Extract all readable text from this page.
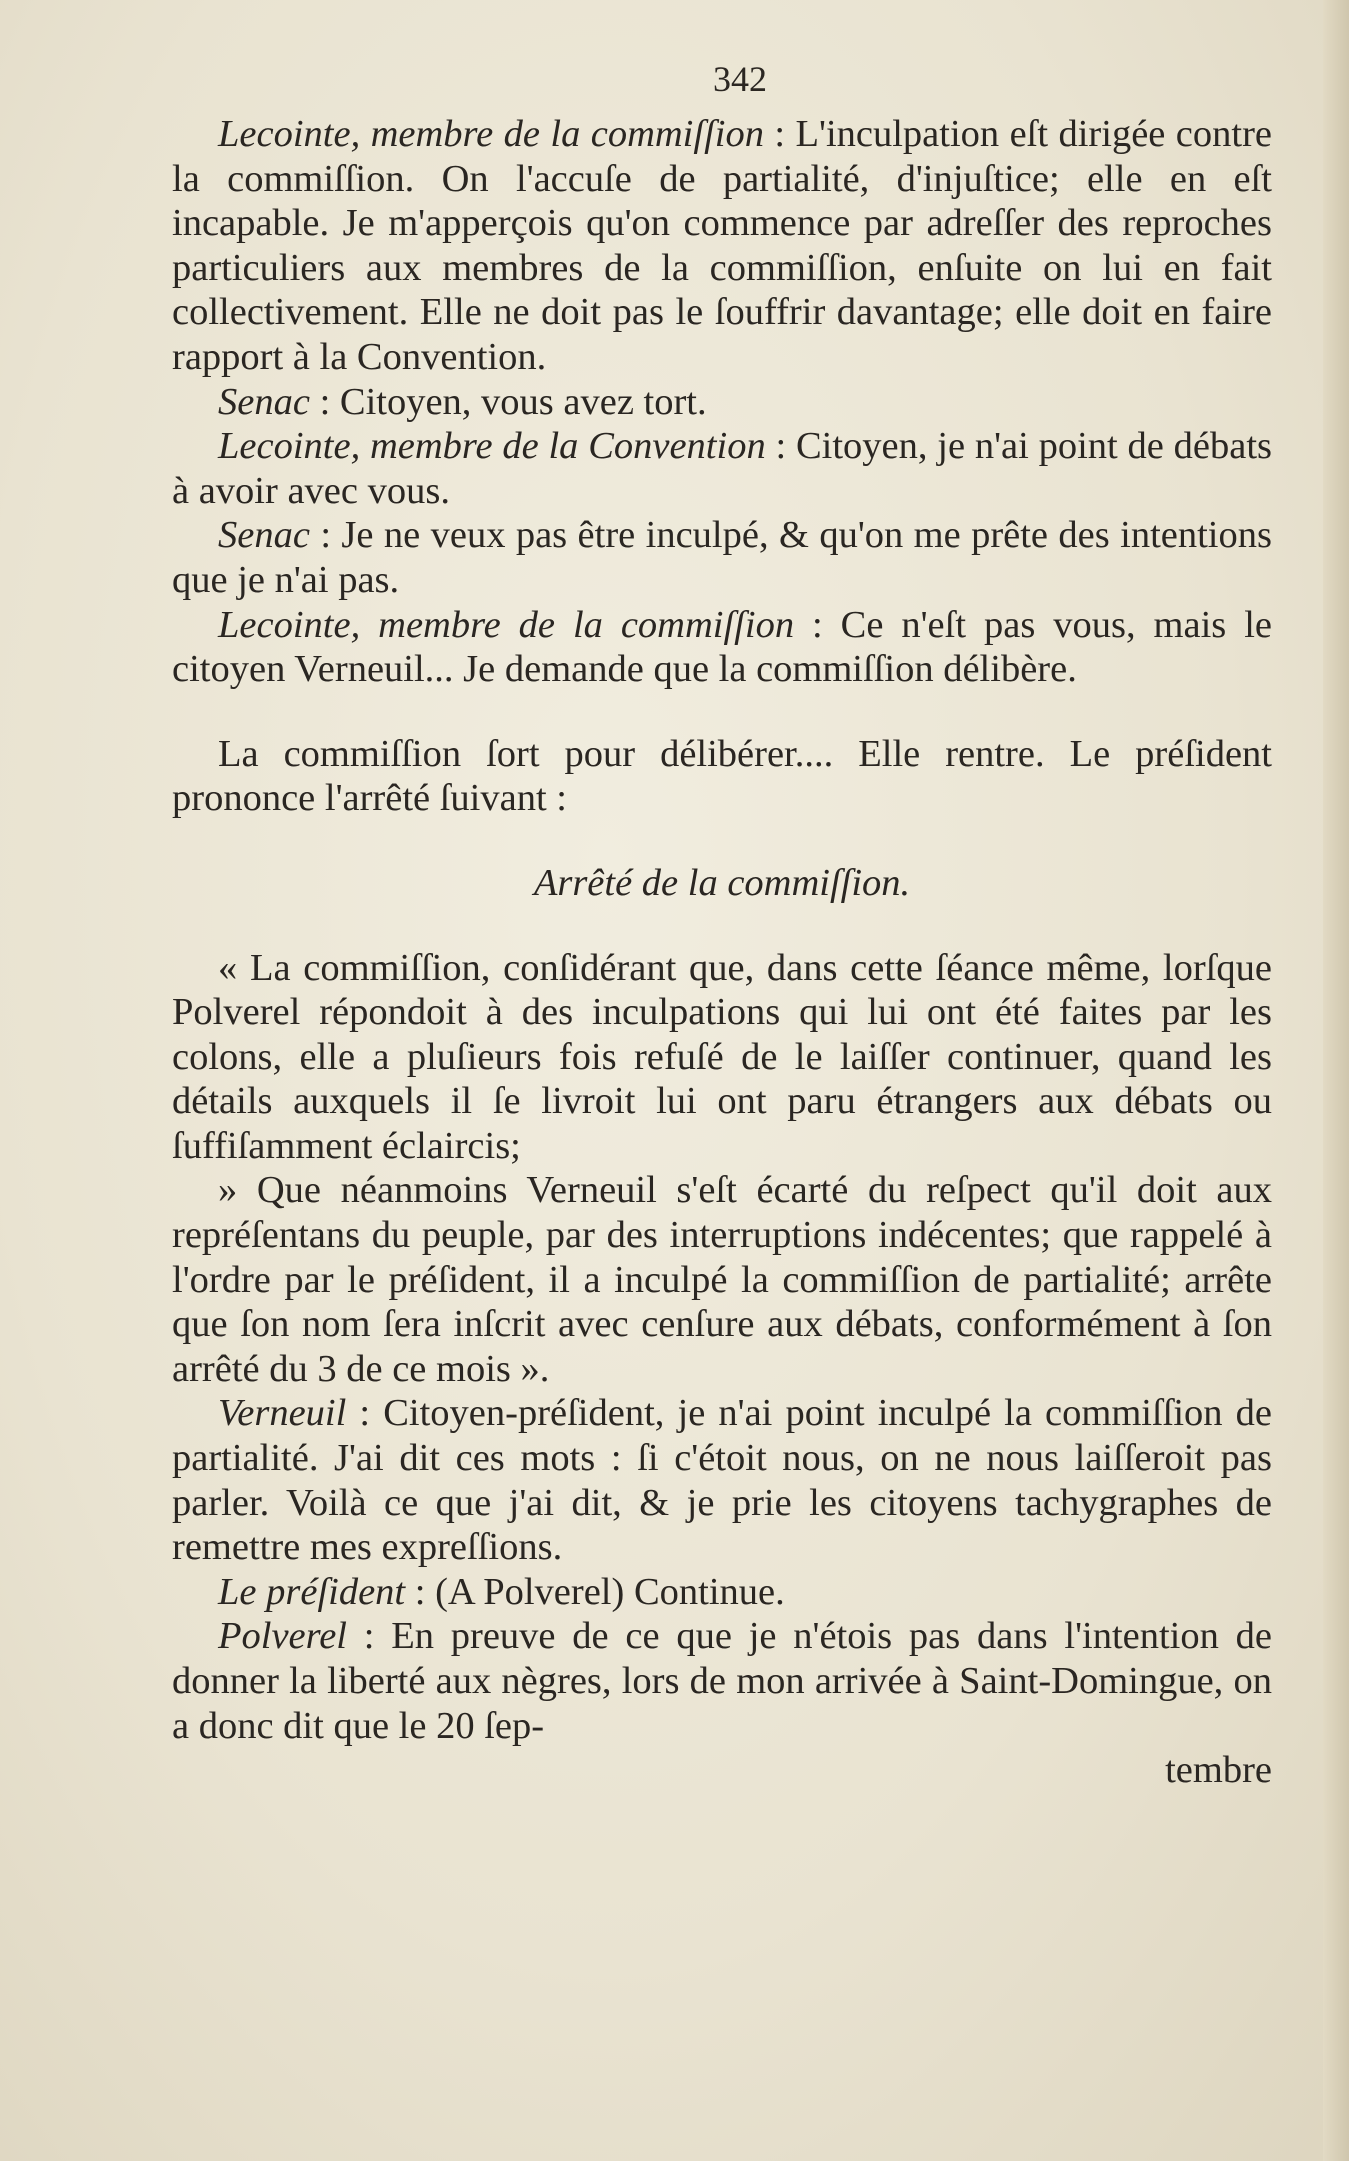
342

Lecointe, membre de la commiſſion : L'inculpation eſt dirigée contre la commiſſion. On l'accuſe de partialité, d'injuſtice; elle en eſt incapable. Je m'apperçois qu'on commence par adreſſer des reproches particuliers aux membres de la commiſſion, enſuite on lui en fait collectivement. Elle ne doit pas le ſouffrir davantage; elle doit en faire rapport à la Convention.

Senac : Citoyen, vous avez tort.

Lecointe, membre de la Convention : Citoyen, je n'ai point de débats à avoir avec vous.

Senac : Je ne veux pas être inculpé, & qu'on me prête des intentions que je n'ai pas.

Lecointe, membre de la commiſſion : Ce n'eſt pas vous, mais le citoyen Verneuil... Je demande que la commiſſion délibère.

La commiſſion ſort pour délibérer.... Elle rentre. Le préſident prononce l'arrêté ſuivant :

Arrêté de la commiſſion.

« La commiſſion, conſidérant que, dans cette ſéance même, lorſque Polverel répondoit à des inculpations qui lui ont été faites par les colons, elle a pluſieurs fois refuſé de le laiſſer continuer, quand les détails auxquels il ſe livroit lui ont paru étrangers aux débats ou ſuffiſamment éclaircis;

» Que néanmoins Verneuil s'eſt écarté du reſpect qu'il doit aux repréſentans du peuple, par des interruptions indécentes; que rappelé à l'ordre par le préſident, il a inculpé la commiſſion de partialité; arrête que ſon nom ſera inſcrit avec cenſure aux débats, conformément à ſon arrêté du 3 de ce mois ».

Verneuil : Citoyen-préſident, je n'ai point inculpé la commiſſion de partialité. J'ai dit ces mots : ſi c'étoit nous, on ne nous laiſſeroit pas parler. Voilà ce que j'ai dit, & je prie les citoyens tachygraphes de remettre mes expreſſions.

Le préſident : (A Polverel) Continue.

Polverel : En preuve de ce que je n'étois pas dans l'intention de donner la liberté aux nègres, lors de mon arrivée à Saint-Domingue, on a donc dit que le 20 ſep-

tembre
